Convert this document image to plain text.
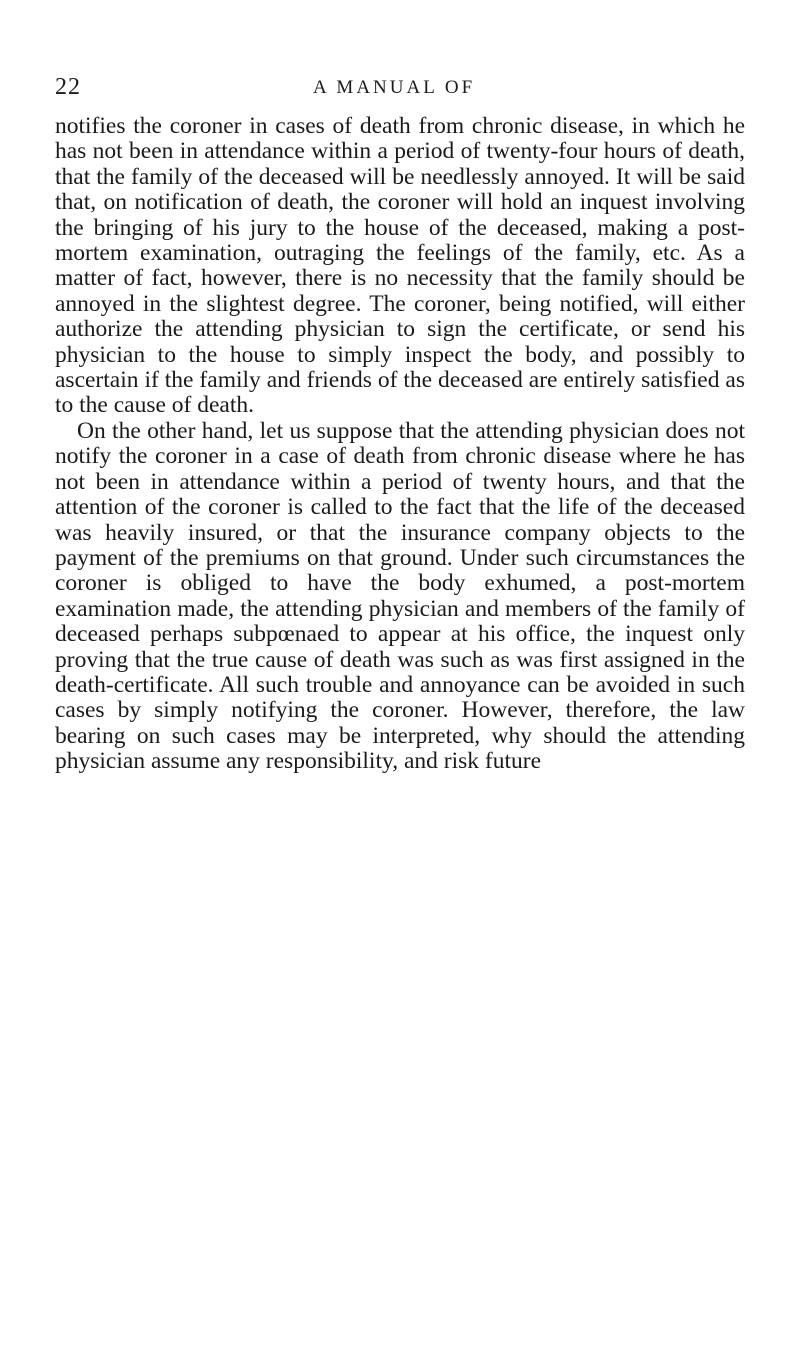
22	A MANUAL OF

notifies the coroner in cases of death from chronic disease, in which he has not been in attendance within a period of twenty-four hours of death, that the family of the deceased will be needlessly annoyed. It will be said that, on notification of death, the coroner will hold an inquest involving the bringing of his jury to the house of the deceased, making a post-mortem examination, outraging the feelings of the family, etc. As a matter of fact, however, there is no necessity that the family should be annoyed in the slightest degree. The coroner, being notified, will either authorize the attending physician to sign the certificate, or send his physician to the house to simply inspect the body, and possibly to ascertain if the family and friends of the deceased are entirely satisfied as to the cause of death.

On the other hand, let us suppose that the attending physician does not notify the coroner in a case of death from chronic disease where he has not been in attendance within a period of twenty hours, and that the attention of the coroner is called to the fact that the life of the deceased was heavily insured, or that the insurance company objects to the payment of the premiums on that ground. Under such circumstances the coroner is obliged to have the body exhumed, a post-mortem examination made, the attending physician and members of the family of deceased perhaps subpœnaed to appear at his office, the inquest only proving that the true cause of death was such as was first assigned in the death-certificate. All such trouble and annoyance can be avoided in such cases by simply notifying the coroner. However, therefore, the law bearing on such cases may be interpreted, why should the attending physician assume any responsibility, and risk future
